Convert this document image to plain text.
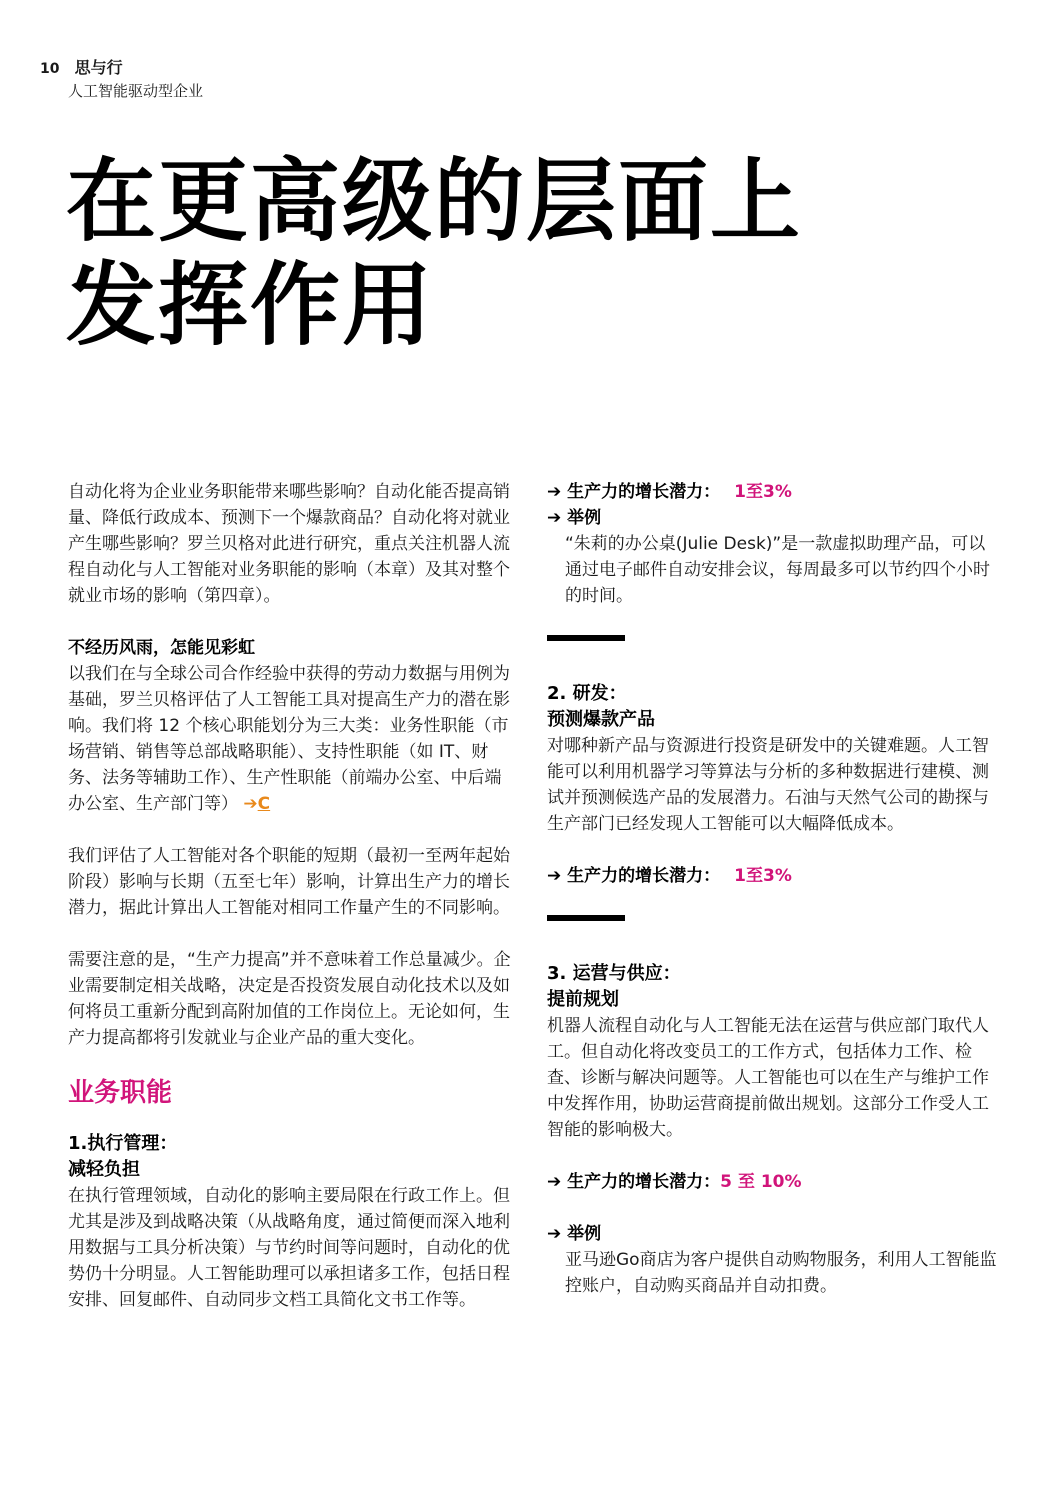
10 思与行
人工智能驱动型企业
在更高级的层面上
发挥作用

自动化将为企业业务职能带来哪些影响？自动化能否提高销量、降低行政成本、预测下一个爆款商品？自动化将对就业产生哪些影响？罗兰贝格对此进行研究，重点关注机器人流程自动化与人工智能对业务职能的影响（本章）及其对整个就业市场的影响（第四章）。

不经历风雨，怎能见彩虹

以我们在与全球公司合作经验中获得的劳动力数据与用例为基础，罗兰贝格评估了人工智能工具对提高生产力的潜在影响。我们将 12 个核心职能划分为三大类：业务性职能（市场营销、销售等总部战略职能）、支持性职能（如 IT、财务、法务等辅助工作）、生产性职能（前端办公室、中后端办公室、生产部门等） ➔C

我们评估了人工智能对各个职能的短期（最初一至两年起始阶段）影响与长期（五至七年）影响，计算出生产力的增长潜力，据此计算出人工智能对相同工作量产生的不同影响。

需要注意的是，“生产力提高”并不意味着工作总量减少。企业需要制定相关战略，决定是否投资发展自动化技术以及如何将员工重新分配到高附加值的工作岗位上。无论如何，生产力提高都将引发就业与企业产品的重大变化。

业务职能

1.执行管理：

减轻负担

在执行管理领域，自动化的影响主要局限在行政工作上。但尤其是涉及到战略决策（从战略角度，通过简便而深入地利用数据与工具分析决策）与节约时间等问题时，自动化的优势仍十分明显。人工智能助理可以承担诸多工作，包括日程安排、回复邮件、自动同步文档工具简化文书工作等。

➔ 生产力的增长潜力： 1至3%

➔ 举例

“朱莉的办公桌(Julie Desk)”是一款虚拟助理产品，可以通过电子邮件自动安排会议，每周最多可以节约四个小时的时间。

2. 研发：

预测爆款产品

对哪种新产品与资源进行投资是研发中的关键难题。人工智能可以利用机器学习等算法与分析的多种数据进行建模、测试并预测候选产品的发展潜力。石油与天然气公司的勘探与生产部门已经发现人工智能可以大幅降低成本。

➔ 生产力的增长潜力： 1至3%

3. 运营与供应：

提前规划

机器人流程自动化与人工智能无法在运营与供应部门取代人工。但自动化将改变员工的工作方式，包括体力工作、检查、诊断与解决问题等。人工智能也可以在生产与维护工作中发挥作用，协助运营商提前做出规划。这部分工作受人工智能的影响极大。

➔ 生产力的增长潜力：5 至 10%

➔ 举例

亚马逊Go商店为客户提供自动购物服务，利用人工智能监控账户，自动购买商品并自动扣费。
